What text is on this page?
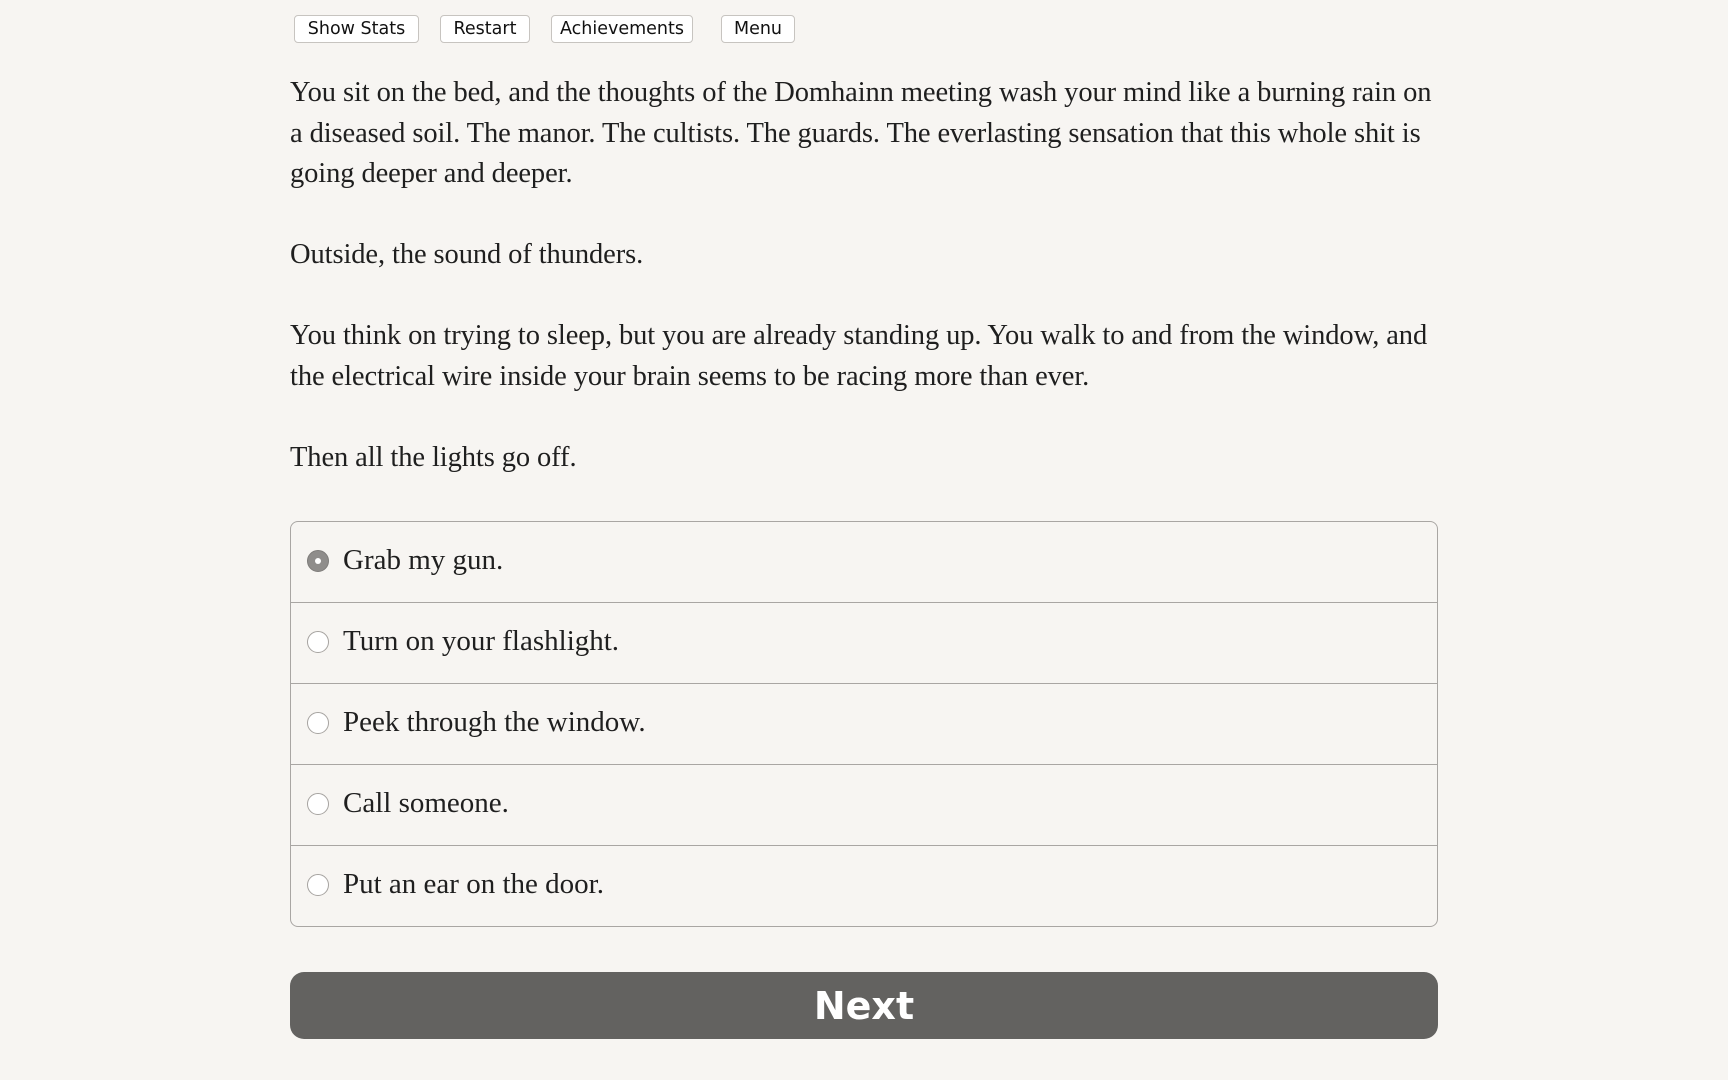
Show Stats	Restart	Achievements	Menu

You sit on the bed, and the thoughts of the Domhainn meeting wash your mind like a burning rain on a diseased soil. The manor. The cultists. The guards. The everlasting sensation that this whole shit is going deeper and deeper.

Outside, the sound of thunders.

You think on trying to sleep, but you are already standing up. You walk to and from the window, and the electrical wire inside your brain seems to be racing more than ever.

Then all the lights go off.

Grab my gun.
Turn on your flashlight.
Peek through the window.
Call someone.
Put an ear on the door.
Next
